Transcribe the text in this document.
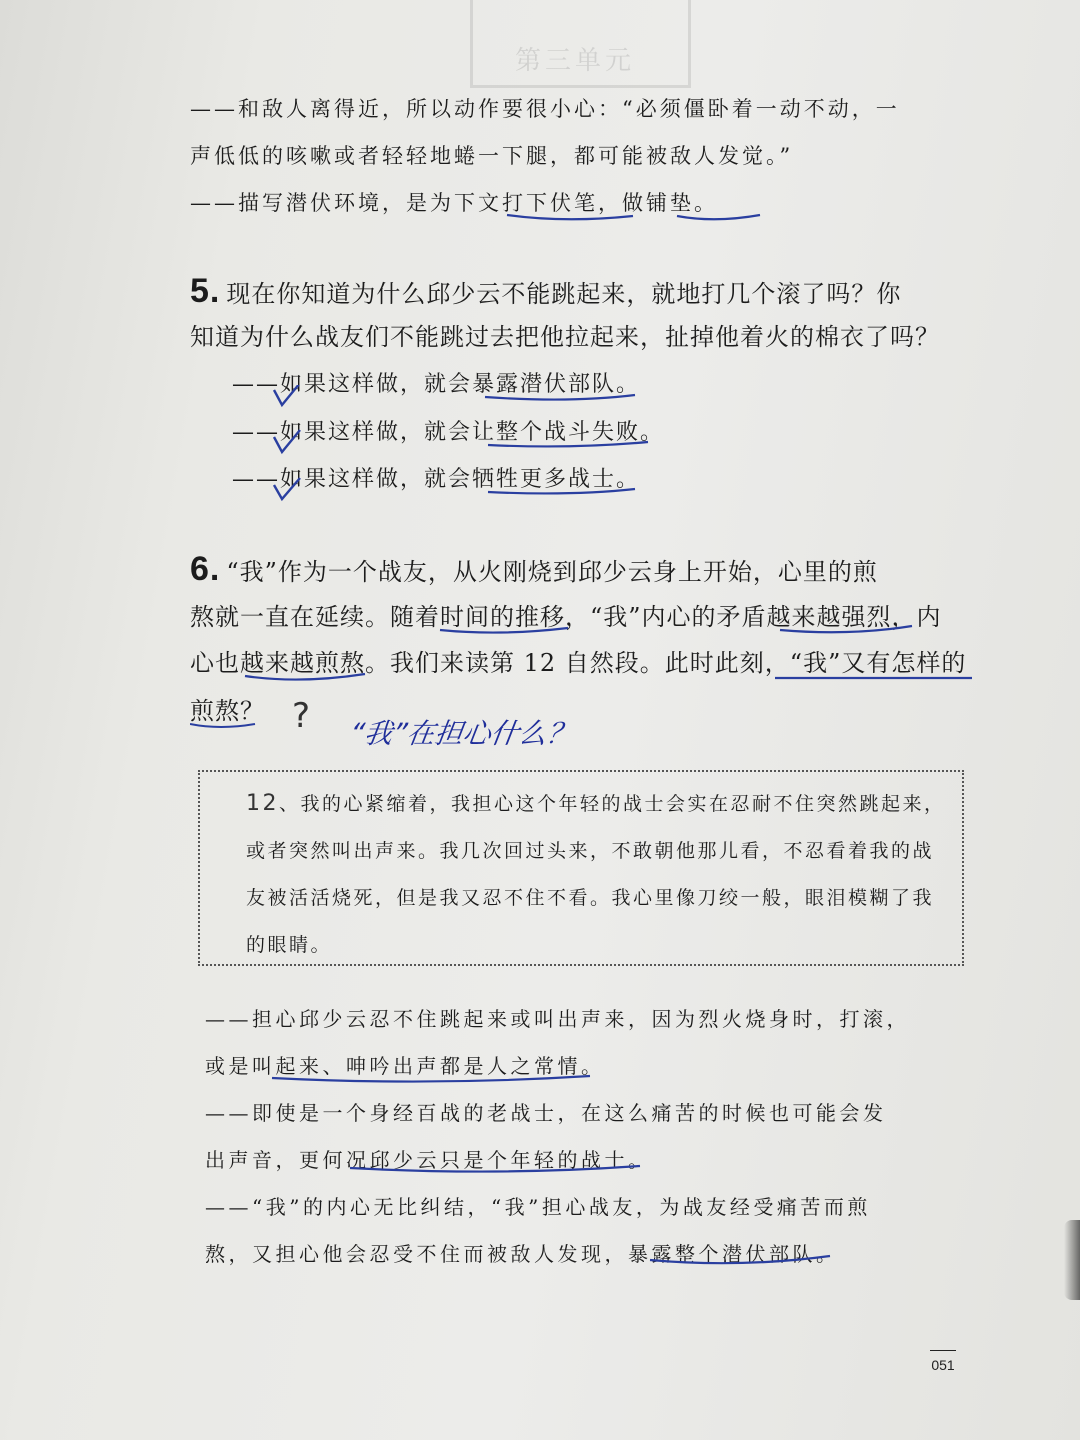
第三单元
——和敌人离得近，所以动作要很小心：“必须僵卧着一动不动，一
声低低的咳嗽或者轻轻地蜷一下腿，都可能被敌人发觉。”
——描写潜伏环境，是为下文打下伏笔，做铺垫。
5. 现在你知道为什么邱少云不能跳起来，就地打几个滚了吗？你
知道为什么战友们不能跳过去把他拉起来，扯掉他着火的棉衣了吗？
——如果这样做，就会暴露潜伏部队。
——如果这样做，就会让整个战斗失败。
——如果这样做，就会牺牲更多战士。
6. “我”作为一个战友，从火刚烧到邱少云身上开始，心里的煎
熬就一直在延续。随着时间的推移，“我”内心的矛盾越来越强烈，内
心也越来越煎熬。我们来读第 12 自然段。此时此刻，“我”又有怎样的
煎熬？ ? “我”在担心什么？
12、我的心紧缩着，我担心这个年轻的战士会实在忍耐不住突然跳起来，
或者突然叫出声来。我几次回过头来，不敢朝他那儿看，不忍看着我的战
友被活活烧死，但是我又忍不住不看。我心里像刀绞一般，眼泪模糊了我
的眼睛。
——担心邱少云忍不住跳起来或叫出声来，因为烈火烧身时，打滚，
或是叫起来、呻吟出声都是人之常情。
——即使是一个身经百战的老战士，在这么痛苦的时候也可能会发
出声音，更何况邱少云只是个年轻的战士。
——“我”的内心无比纠结，“我”担心战友，为战友经受痛苦而煎
熬，又担心他会忍受不住而被敌人发现，暴露整个潜伏部队。
051
